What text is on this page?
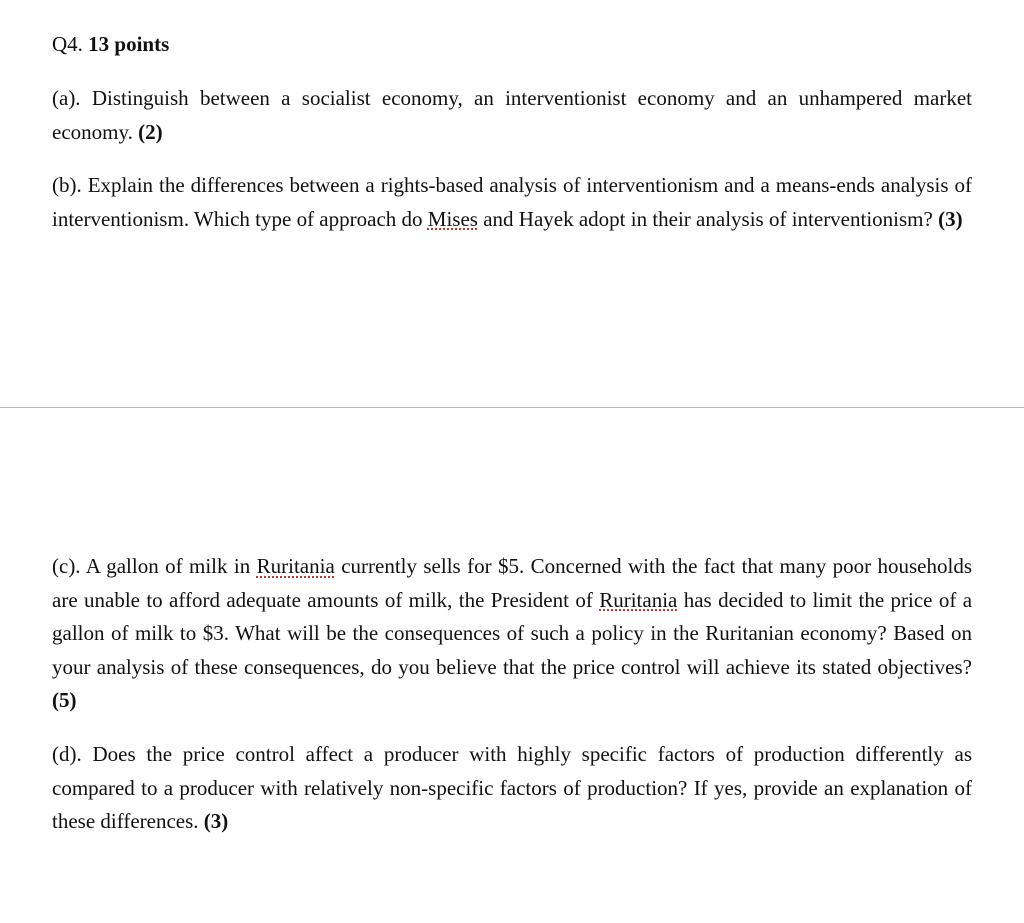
Q4. 13 points

(a). Distinguish between a socialist economy, an interventionist economy and an unhampered market economy. (2)

(b). Explain the differences between a rights-based analysis of interventionism and a means-ends analysis of interventionism. Which type of approach do Mises and Hayek adopt in their analysis of interventionism? (3)

(c). A gallon of milk in Ruritania currently sells for $5. Concerned with the fact that many poor households are unable to afford adequate amounts of milk, the President of Ruritania has decided to limit the price of a gallon of milk to $3. What will be the consequences of such a policy in the Ruritanian economy? Based on your analysis of these consequences, do you believe that the price control will achieve its stated objectives? (5)

(d). Does the price control affect a producer with highly specific factors of production differently as compared to a producer with relatively non-specific factors of production? If yes, provide an explanation of these differences. (3)
